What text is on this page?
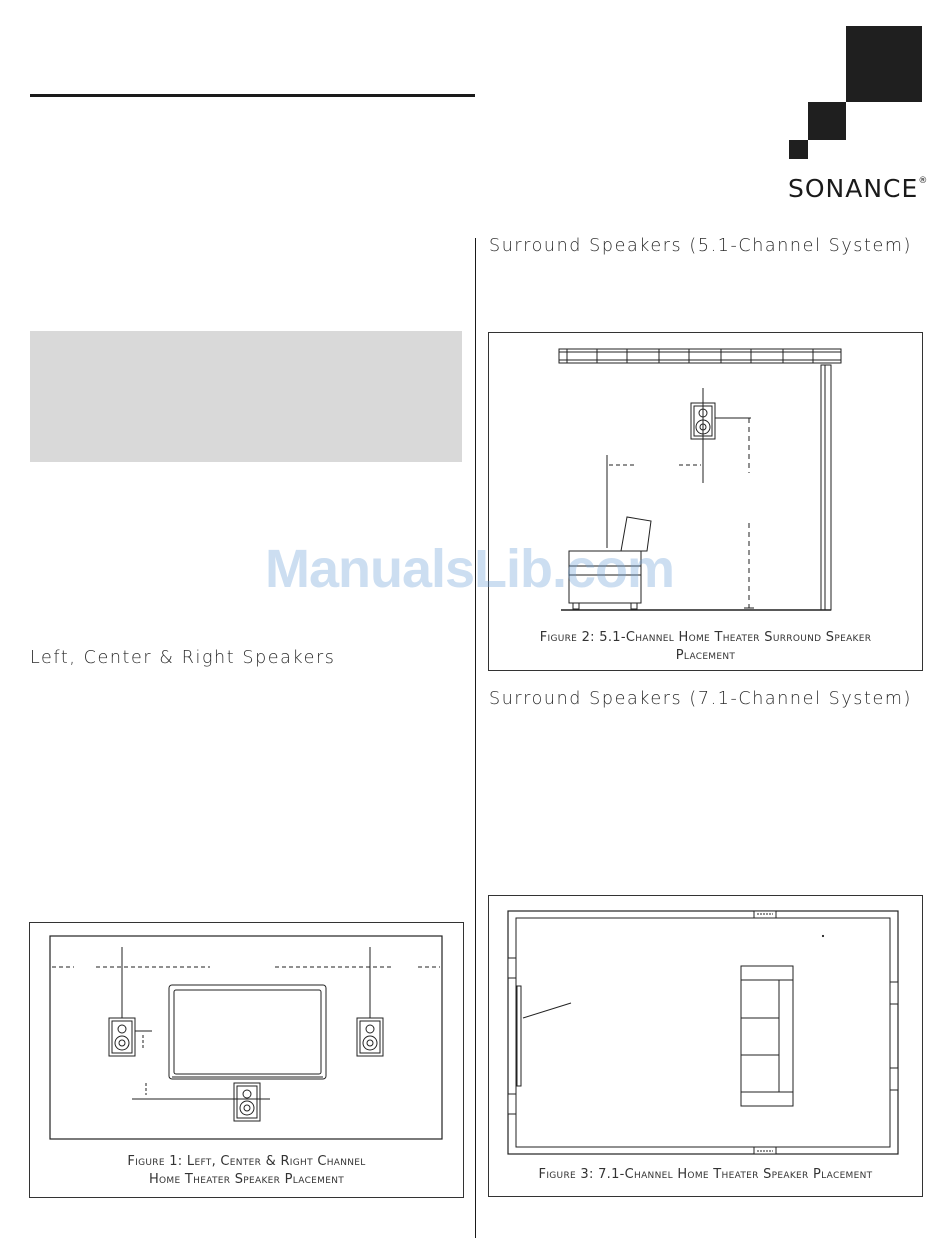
SONANCE®
Surround Speakers (5.1-Channel System)
Left, Center & Right Speakers
Surround Speakers (7.1-Channel System)
Figure 2: 5.1-Channel Home Theater Surround Speaker
Placement
Figure 3: 7.1-Channel Home Theater Speaker Placement
Figure 1: Left, Center & Right Channel
Home Theater Speaker Placement
ManualsLib.com
